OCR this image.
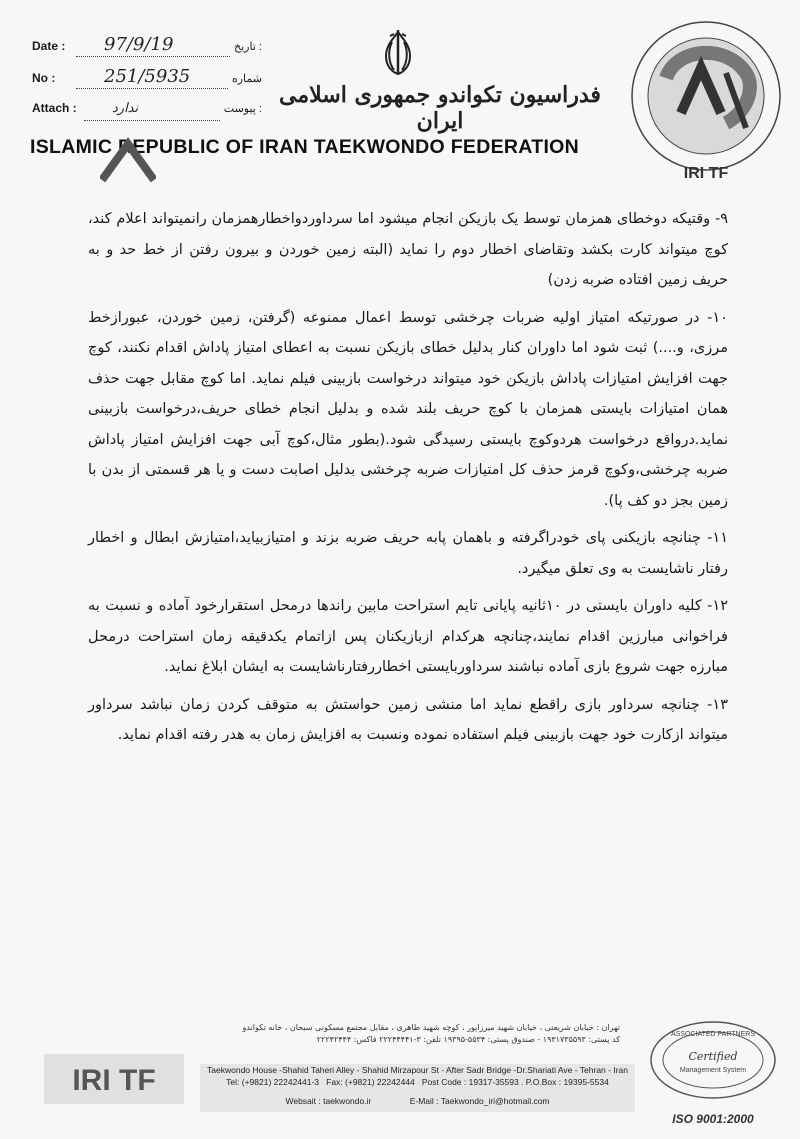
Date :	97/9/19	تاریخ :
No :	251/5935	شماره
Attach :	ندارد	پیوست :
فدراسیون تکواندو جمهوری اسلامی ایران
ISLAMIC REPUBLIC OF IRAN TAEKWONDO FEDERATION
IRI TF

۹- وقتیکه دوخطای همزمان توسط یک بازیکن انجام میشود اما سرداوردواخطارهمزمان رانمیتواند اعلام کند، کوچ میتواند کارت بکشد وتقاضای اخطار دوم را نماید (البته زمین خوردن و بیرون رفتن از خط حد و به حریف زمین افتاده ضربه زدن)

۱۰- در صورتیکه امتیاز اولیه ضربات چرخشی توسط اعمال ممنوعه (گرفتن، زمین خوردن، عبورازخط مرزی، و....) ثبت شود اما داوران کنار بدلیل خطای بازیکن نسبت به اعطای امتیاز پاداش اقدام نکنند، کوچ جهت افزایش امتیازات پاداش بازیکن خود میتواند درخواست بازبینی فیلم نماید. اما کوچ مقابل جهت حذف همان امتیازات بایستی همزمان با کوچ حریف بلند شده و بدلیل انجام خطای حریف،درخواست بازبینی نماید.درواقع درخواست هردوکوچ بایستی رسیدگی شود.(بطور مثال،کوچ آبی جهت افزایش امتیاز پاداش ضربه چرخشی،وکوچ قرمز حذف کل امتیازات ضربه چرخشی بدلیل اصابت دست و یا هر قسمتی از بدن با زمین بجز دو کف پا).

۱۱- چنانچه بازیکنی پای خودراگرفته و باهمان پابه حریف ضربه بزند و امتیازبیاید،امتیازش ابطال و اخطار رفتار ناشایست به وی تعلق میگیرد.

۱۲- کلیه داوران بایستی در ۱۰ثانیه پایانی تایم استراحت مابین راندها درمحل استقرارخود آماده و نسبت به فراخوانی مبارزین اقدام نمایند،چنانچه هرکدام ازبازیکنان پس ازاتمام یکدقیقه زمان استراحت درمحل مبارزه جهت شروع بازی آماده نباشند سرداوربایستی اخطاررفتارناشایست به ایشان ابلاغ نماید.

۱۳- چنانچه سرداور بازی راقطع نماید اما منشی زمین حواستش به متوقف کردن زمان نباشد سرداور میتواند ازکارت خود جهت بازبینی فیلم استفاده نموده ونسبت به افزایش زمان به هدر رفته اقدام نماید.

IRI TF
تهران : خیابان شریعتی ، خیابان شهید میرزاپور ، کوچه شهید طاهری ، مقابل مجتمع مسکونی سبحان ، خانه تکواندو
کد پستی: ۱۹۳۱۷۳۵۵۹۳ - صندوق پستی: ۵۵۳۴-۱۹۳۹۵ تلفن: ۳-۲۲۲۴۴۴۴۱ فاکس: ۲۲۲۴۲۴۴۴
Taekwondo House -Shahid Taheri Alley - Shahid Mirzapour St - After Sadr Bridge -Dr.Shariati Ave - Tehran - Iran
Tel: (+9821) 22242441-3 Fax: (+9821) 22242444 Post Code : 19317-35593 . P.O.Box : 19395-5534
Websait : taekwondo.ir	E-Mail : Taekwondo_iri@hotmail.com
ASSOCIATED PARTNERS
Certified
Management System
ISO 9001:2000
